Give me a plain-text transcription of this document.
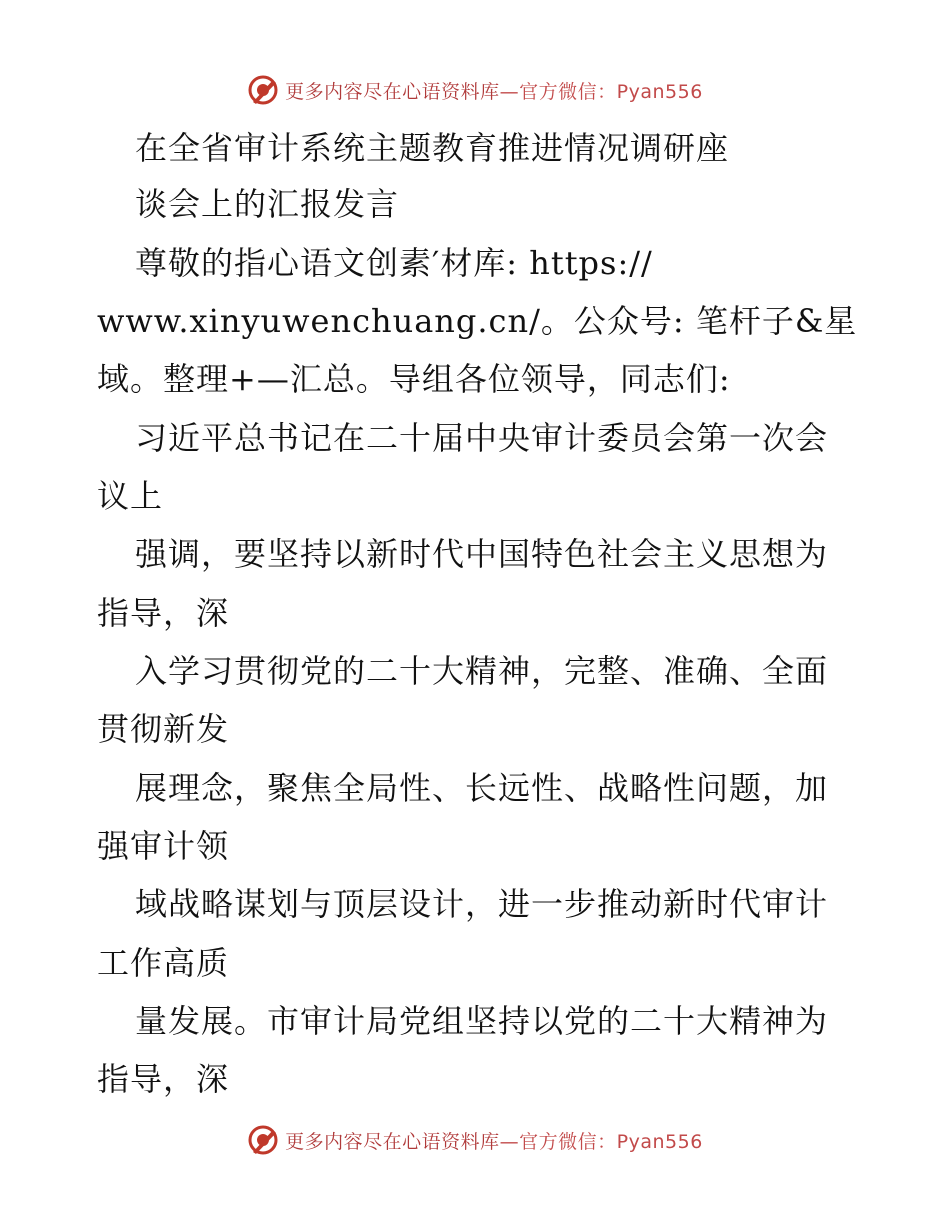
更多内容尽在心语资料库—官方微信：Pyan556
在全省审计系统主题教育推进情况调研座
谈会上的汇报发言
尊敬的指心语文创素′材库: https://
www.xinyuwenchuang.cn/。公众号: 笔杆子&星
域。整理+—汇总。导组各位领导，同志们:
习近平总书记在二十届中央审计委员会第一次会
议上
强调，要坚持以新时代中国特色社会主义思想为
指导，深
入学习贯彻党的二十大精神，完整、准确、全面
贯彻新发
展理念，聚焦全局性、长远性、战略性问题，加
强审计领
域战略谋划与顶层设计，进一步推动新时代审计
工作高质
量发展。市审计局党组坚持以党的二十大精神为
指导，深
更多内容尽在心语资料库—官方微信：Pyan556
